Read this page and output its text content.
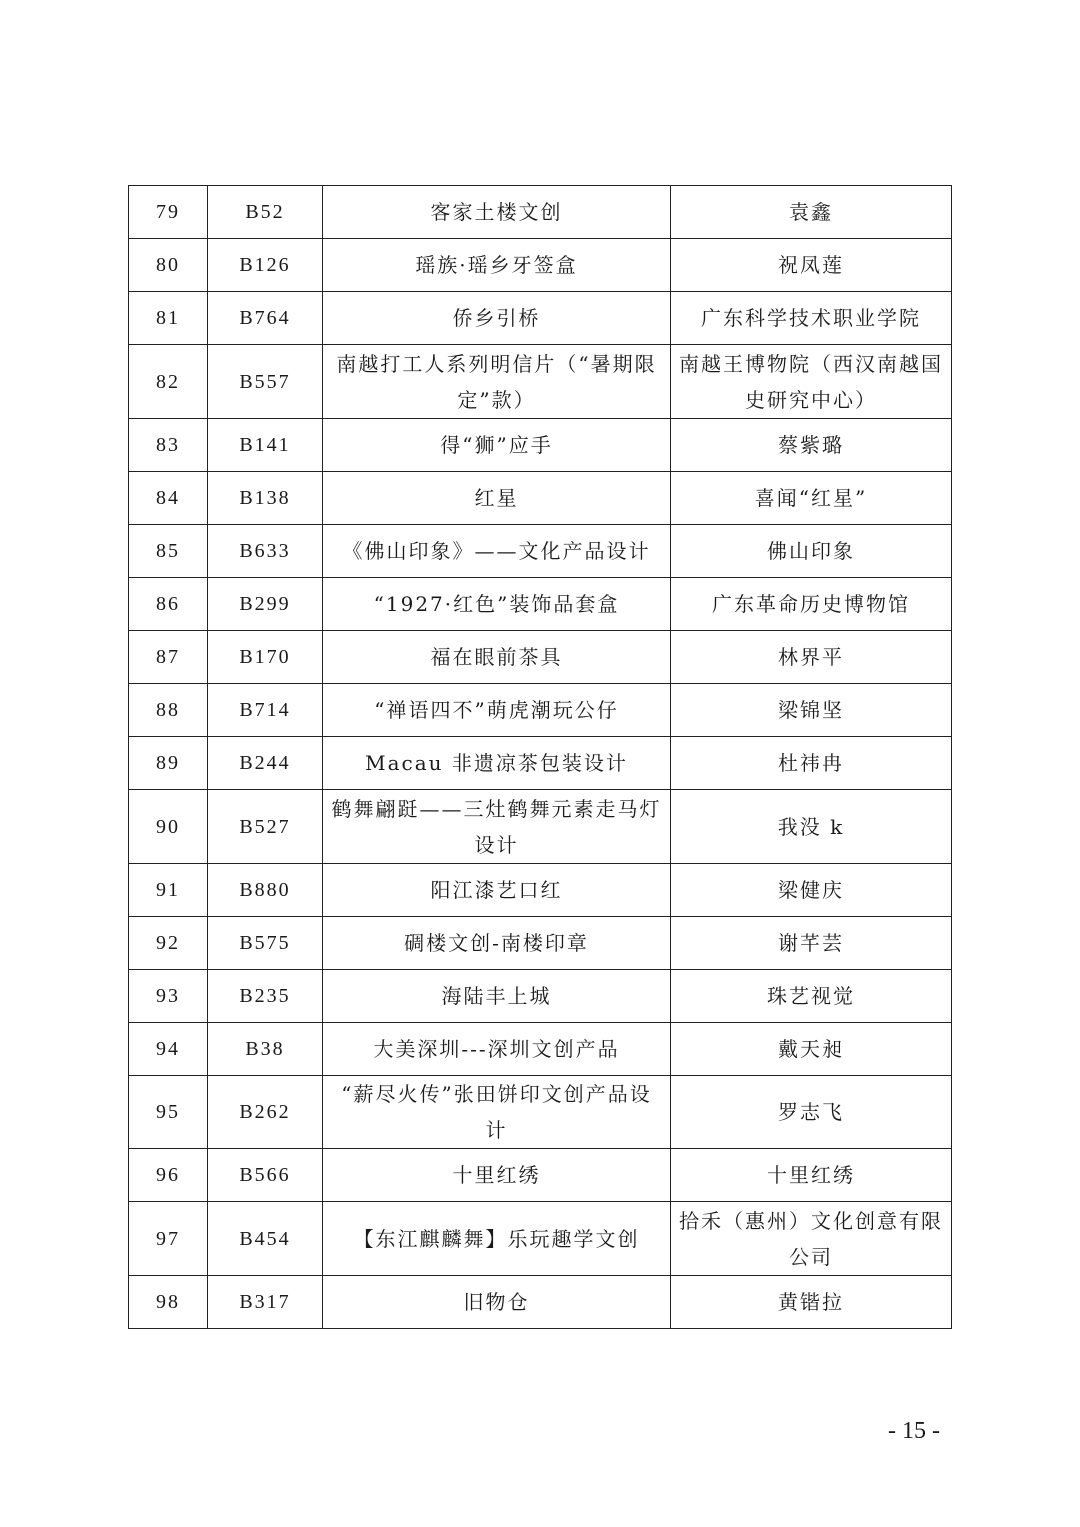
79	B52	客家土楼文创	袁鑫
80	B126	瑶族·瑶乡牙签盒	祝凤莲
81	B764	侨乡引桥	广东科学技术职业学院
82	B557	南越打工人系列明信片（“暑期限定”款）	南越王博物院（西汉南越国史研究中心）
83	B141	得“狮”应手	蔡紫璐
84	B138	红星	喜闻“红星”
85	B633	《佛山印象》——文化产品设计	佛山印象
86	B299	“1927·红色”装饰品套盒	广东革命历史博物馆
87	B170	福在眼前茶具	林界平
88	B714	“禅语四不”萌虎潮玩公仔	梁锦坚
89	B244	Macau 非遗凉茶包装设计	杜祎冉
90	B527	鹤舞翩跹——三灶鹤舞元素走马灯设计	我没 k
91	B880	阳江漆艺口红	梁健庆
92	B575	碉楼文创-南楼印章	谢芊芸
93	B235	海陆丰上城	珠艺视觉
94	B38	大美深圳---深圳文创产品	戴天昶
95	B262	“薪尽火传”张田饼印文创产品设计	罗志飞
96	B566	十里红绣	十里红绣
97	B454	【东江麒麟舞】乐玩趣学文创	拾禾（惠州）文化创意有限公司
98	B317	旧物仓	黄锴拉
- 15 -
